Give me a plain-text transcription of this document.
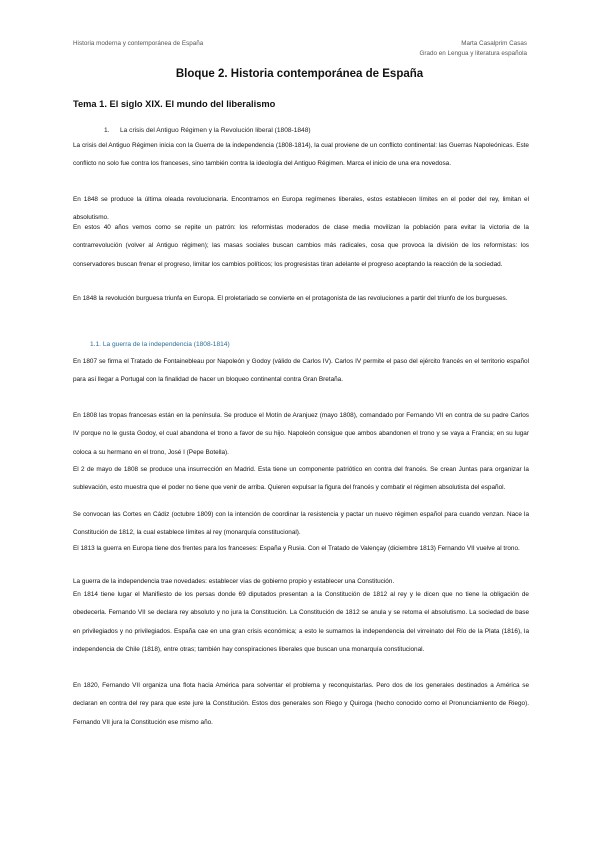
Historia moderna y contemporánea de España	Marta Casalprim Casas
Grado en Lengua y literatura española
Bloque 2. Historia contemporánea de España
Tema 1. El siglo XIX. El mundo del liberalismo
1. La crisis del Antiguo Régimen y la Revolución liberal (1808-1848)

La crisis del Antiguo Régimen inicia con la Guerra de la independencia (1808-1814), la cual proviene de un conflicto continental: las Guerras Napoleónicas. Este conflicto no solo fue contra los franceses, sino también contra la ideología del Antiguo Régimen. Marca el inicio de una era novedosa.

En 1848 se produce la última oleada revolucionaria. Encontramos en Europa regímenes liberales, estos establecen límites en el poder del rey, limitan el absolutismo.

En estos 40 años vemos como se repite un patrón: los reformistas moderados de clase media movilizan la población para evitar la victoria de la contrarrevolución (volver al Antiguo régimen); las masas sociales buscan cambios más radicales, cosa que provoca la división de los reformistas: los conservadores buscan frenar el progreso, limitar los cambios políticos; los progresistas tiran adelante el progreso aceptando la reacción de la sociedad.

En 1848 la revolución burguesa triunfa en Europa. El proletariado se convierte en el protagonista de las revoluciones a partir del triunfo de los burgueses.

1.1. La guerra de la independencia (1808-1814)

En 1807 se firma el Tratado de Fontainebleau por Napoleón y Godoy (válido de Carlos IV). Carlos IV permite el paso del ejército francés en el territorio español para así llegar a Portugal con la finalidad de hacer un bloqueo continental contra Gran Bretaña.

En 1808 las tropas francesas están en la península. Se produce el Motín de Aranjuez (mayo 1808), comandado por Fernando VII en contra de su padre Carlos IV porque no le gusta Godoy, el cual abandona el trono a favor de su hijo. Napoleón consigue que ambos abandonen el trono y se vaya a Francia; en su lugar coloca a su hermano en el trono, José I (Pepe Botella).

El 2 de mayo de 1808 se produce una insurrección en Madrid. Esta tiene un componente patriótico en contra del francés. Se crean Juntas para organizar la sublevación, esto muestra que el poder no tiene que venir de arriba. Quieren expulsar la figura del francés y combatir el régimen absolutista del español.

Se convocan las Cortes en Cádiz (octubre 1809) con la intención de coordinar la resistencia y pactar un nuevo régimen español para cuando venzan. Nace la Constitución de 1812, la cual establece límites al rey (monarquía constitucional).

El 1813 la guerra en Europa tiene dos frentes para los franceses: España y Rusia. Con el Tratado de Valençay (diciembre 1813) Fernando VII vuelve al trono.

La guerra de la independencia trae novedades: establecer vías de gobierno propio y establecer una Constitución.

En 1814 tiene lugar el Manifiesto de los persas donde 69 diputados presentan a la Constitución de 1812 al rey y le dicen que no tiene la obligación de obedecerla. Fernando VII se declara rey absoluto y no jura la Constitución. La Constitución de 1812 se anula y se retoma el absolutismo. La sociedad de base en privilegiados y no privilegiados. España cae en una gran crisis económica; a esto le sumamos la independencia del virreinato del Río de la Plata (1816), la independencia de Chile (1818), entre otras; también hay conspiraciones liberales que buscan una monarquía constitucional.

En 1820, Fernando VII organiza una flota hacia América para solventar el problema y reconquistarlas. Pero dos de los generales destinados a América se declaran en contra del rey para que este jure la Constitución. Estos dos generales son Riego y Quiroga (hecho conocido como el Pronunciamiento de Riego). Fernando VII jura la Constitución ese mismo año.
